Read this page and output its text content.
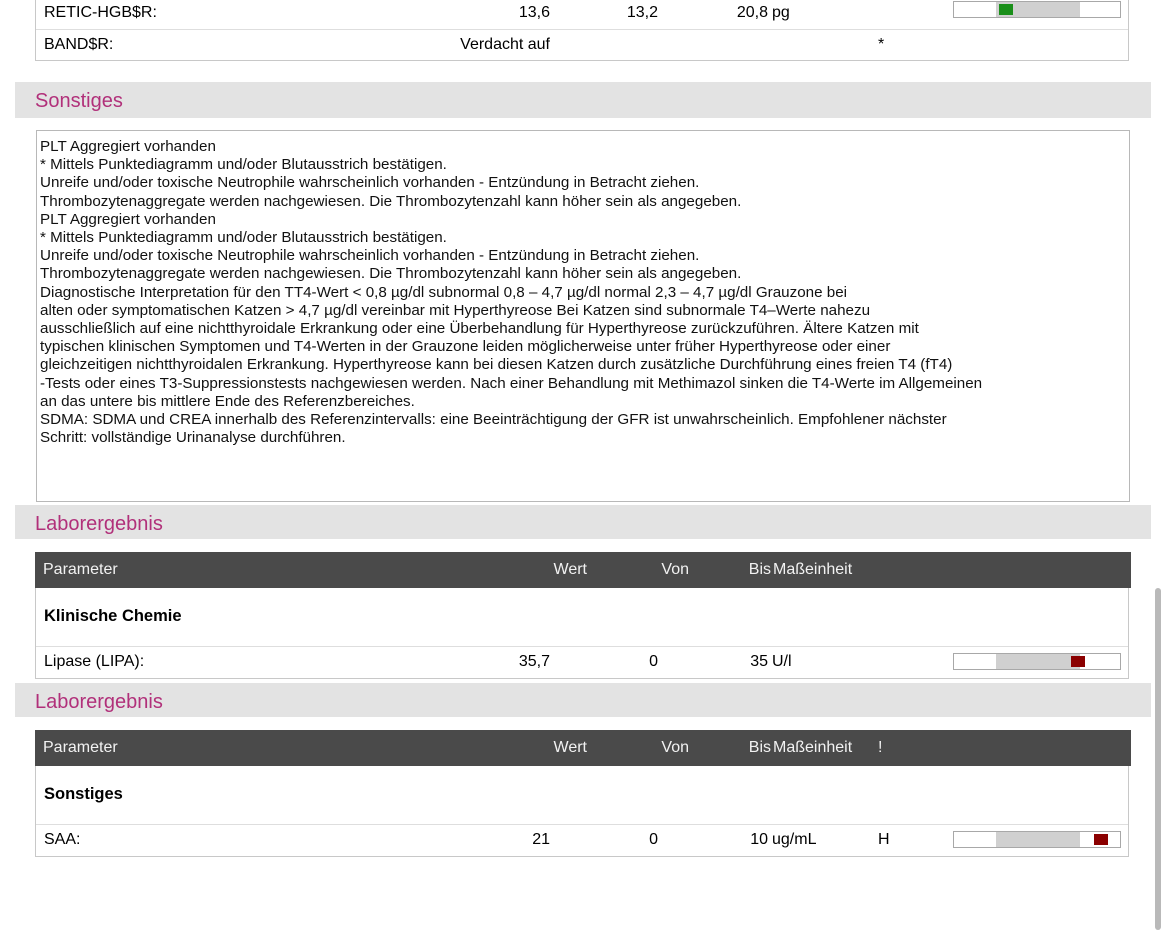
RETIC-HGB$R:	13,6	13,2	20,8 pg
BAND$R:	Verdacht auf	*
Sonstiges
PLT Aggregiert vorhanden
* Mittels Punktediagramm und/oder Blutausstrich bestätigen.
Unreife und/oder toxische Neutrophile wahrscheinlich vorhanden - Entzündung in Betracht ziehen.
Thrombozytenaggregate werden nachgewiesen. Die Thrombozytenzahl kann höher sein als angegeben.
PLT Aggregiert vorhanden
* Mittels Punktediagramm und/oder Blutausstrich bestätigen.
Unreife und/oder toxische Neutrophile wahrscheinlich vorhanden - Entzündung in Betracht ziehen.
Thrombozytenaggregate werden nachgewiesen. Die Thrombozytenzahl kann höher sein als angegeben.
Diagnostische Interpretation für den TT4-Wert < 0,8 µg/dl subnormal 0,8 – 4,7 µg/dl normal 2,3 – 4,7 µg/dl Grauzone bei
alten oder symptomatischen Katzen > 4,7 µg/dl vereinbar mit Hyperthyreose Bei Katzen sind subnormale T4–Werte nahezu
ausschließlich auf eine nichtthyroidale Erkrankung oder eine Überbehandlung für Hyperthyreose zurückzuführen. Ältere Katzen mit
typischen klinischen Symptomen und T4-Werten in der Grauzone leiden möglicherweise unter früher Hyperthyreose oder einer
gleichzeitigen nichtthyroidalen Erkrankung. Hyperthyreose kann bei diesen Katzen durch zusätzliche Durchführung eines freien T4 (fT4)
-Tests oder eines T3-Suppressionstests nachgewiesen werden. Nach einer Behandlung mit Methimazol sinken die T4-Werte im Allgemeinen
an das untere bis mittlere Ende des Referenzbereiches.
SDMA: SDMA und CREA innerhalb des Referenzintervalls: eine Beeinträchtigung der GFR ist unwahrscheinlich. Empfohlener nächster
Schritt: vollständige Urinanalyse durchführen.
Laborergebnis
Parameter	Wert	Von	Bis Maßeinheit
Klinische Chemie
Lipase (LIPA):	35,7	0	35 U/l
Laborergebnis
Parameter	Wert	Von	Bis Maßeinheit !
Sonstiges
SAA:	21	0	10 ug/mL	H
